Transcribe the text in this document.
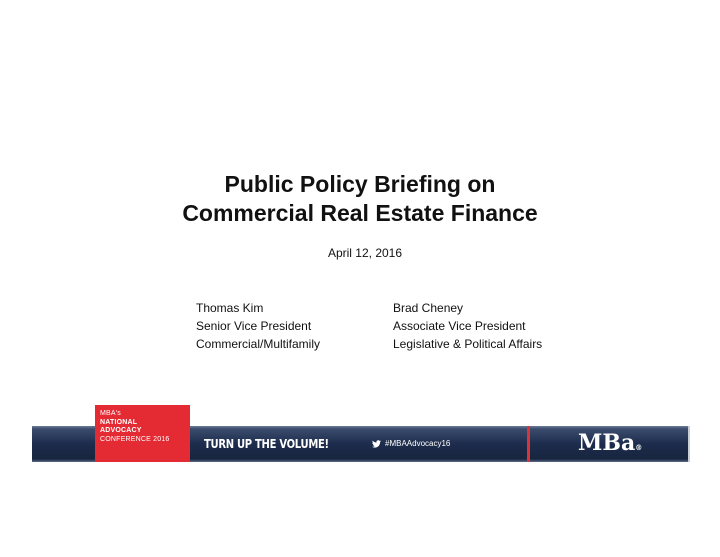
Public Policy Briefing on
Commercial Real Estate Finance
April 12, 2016
Thomas Kim
Senior Vice President
Commercial/Multifamily
Brad Cheney
Associate Vice President
Legislative & Political Affairs
MBA's
NATIONAL
ADVOCACY
CONFERENCE 2016	TURN UP THE VOLUME!	#MBAAdvocacy16	MBa®
